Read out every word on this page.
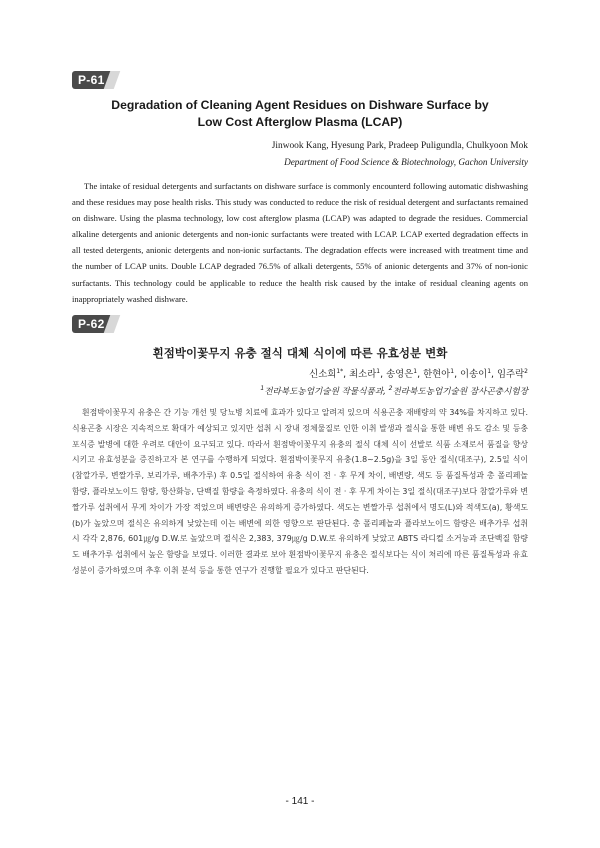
P-61
Degradation of Cleaning Agent Residues on Dishware Surface by
Low Cost Afterglow Plasma (LCAP)
Jinwook Kang, Hyesung Park, Pradeep Puligundla, Chulkyoon Mok
Department of Food Science & Biotechnology, Gachon University

The intake of residual detergents and surfactants on dishware surface is commonly encounterd following automatic dishwashing and these residues may pose health risks. This study was conducted to reduce the risk of residual detergent and surfactants remained on dishware. Using the plasma technology, low cost afterglow plasma (LCAP) was adapted to degrade the residues. Commercial alkaline detergents and anionic detergents and non-ionic surfactants were treated with LCAP. LCAP exerted degradation effects in all tested detergents, anionic detergents and non-ionic surfactants. The degradation effects were increased with treatment time and the number of LCAP units. Double LCAP degraded 76.5% of alkali detergents, 55% of anionic detergents and 37% of non-ionic surfactants. This technology could be applicable to reduce the health risk caused by the intake of residual cleaning agents on inappropriately washed dishware.

P-62
흰점박이꽃무지 유충 절식 대체 식이에 따른 유효성분 변화
신소희$^{1*}$, 최소라$^1$, 송영은$^1$, 한현아$^1$, 이송이$^1$, 임주락$^2$
$^1$전라북도농업기술원 작물식품과, $^2$전라북도농업기술원 잠사곤충시험장

흰점박이꽃무지 유충은 간 기능 개선 및 당뇨병 치료에 효과가 있다고 알려져 있으며 식용곤충 재배량의 약 34%를 차지하고 있다. 식용곤충 시장은 지속적으로 확대가 예상되고 있지만 섭취 시 장내 정체물질로 인한 이취 발생과 절식을 통한 배변 유도 감소 및 등충포식증 발병에 대한 우려로 대안이 요구되고 있다. 따라서 흰점박이꽃무지 유충의 절식 대체 식이 선발로 식품 소재로서 품질을 향상시키고 유효성분을 증진하고자 본 연구를 수행하게 되었다. 흰점박이꽃무지 유충(1.8~2.5g)을 3일 동안 절식(대조구), 2.5일 식이(참깔가루, 변짤가루, 보리가루, 배추가루) 후 0.5일 절식하여 유충 식이 전 · 후 무게 차이, 배변량, 색도 등 품질특성과 총 폴리페놀 함량, 플라보노이드 함량, 항산화능, 단백질 함량을 측정하였다. 유충의 식이 전 · 후 무게 차이는 3일 절식(대조구)보다 참깔가루와 변짤가루 섭취에서 무게 차이가 가장 적었으며 배변량은 유의하게 증가하였다. 색도는 변짤가루 섭취에서 명도(L)와 적색도(a), 황색도(b)가 높았으며 절식은 유의하게 낮았는데 이는 배변에 의한 영향으로 판단된다. 총 폴리페놀과 플라보노이드 함량은 배추가루 섭취 시 각각 2,876, 601㎍/g D.W.로 높았으며 절식은 2,383, 379㎍/g D.W.로 유의하게 낮았고 ABTS 라디컬 소거능과 조단백질 함량도 배추가루 섭취에서 높은 함량을 보였다. 이러한 결과로 보아 흰점박이꽃무지 유충은 절식보다는 식이 처리에 따른 품질특성과 유효성분이 증가하였으며 추후 이취 분석 등을 통한 연구가 진행할 필요가 있다고 판단된다.

- 141 -
